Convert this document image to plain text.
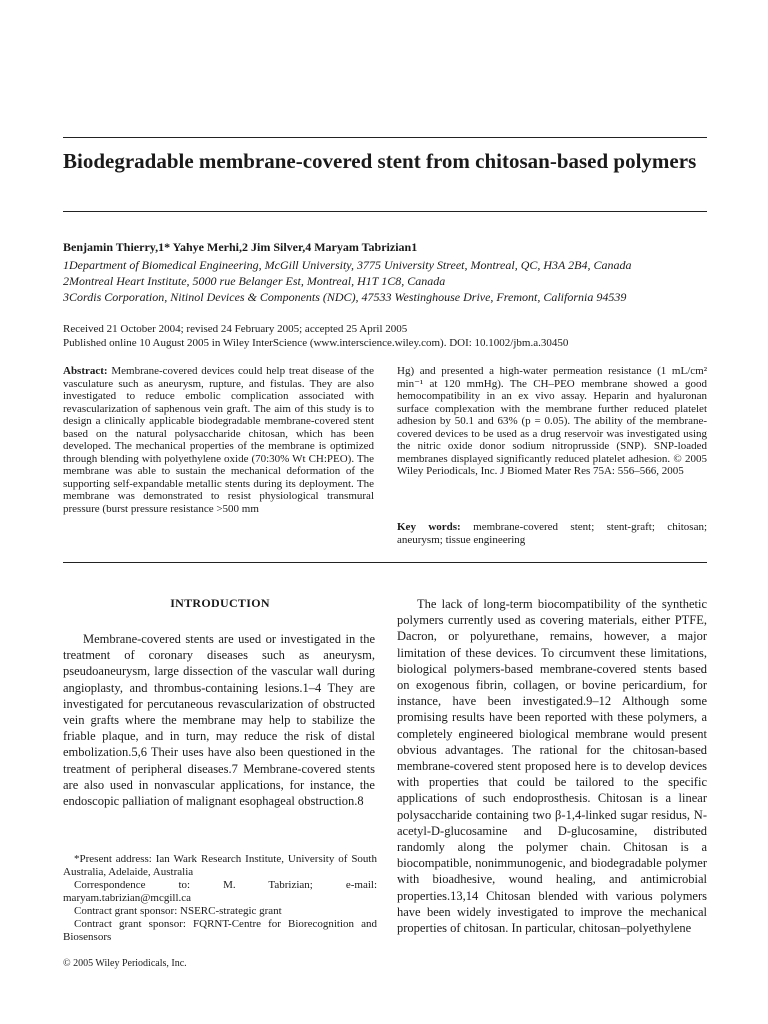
Biodegradable membrane-covered stent from chitosan-based polymers
Benjamin Thierry,1* Yahye Merhi,2 Jim Silver,4 Maryam Tabrizian1
1Department of Biomedical Engineering, McGill University, 3775 University Street, Montreal, QC, H3A 2B4, Canada
2Montreal Heart Institute, 5000 rue Belanger Est, Montreal, H1T 1C8, Canada
3Cordis Corporation, Nitinol Devices & Components (NDC), 47533 Westinghouse Drive, Fremont, California 94539
Received 21 October 2004; revised 24 February 2005; accepted 25 April 2005
Published online 10 August 2005 in Wiley InterScience (www.interscience.wiley.com). DOI: 10.1002/jbm.a.30450
Abstract: Membrane-covered devices could help treat disease of the vasculature such as aneurysm, rupture, and fistulas. They are also investigated to reduce embolic complication associated with revascularization of saphenous vein graft. The aim of this study is to design a clinically applicable biodegradable membrane-covered stent based on the natural polysaccharide chitosan, which has been developed. The mechanical properties of the membrane is optimized through blending with polyethylene oxide (70:30% Wt CH:PEO). The membrane was able to sustain the mechanical deformation of the supporting self-expandable metallic stents during its deployment. The membrane was demonstrated to resist physiological transmural pressure (burst pressure resistance >500 mm
Hg) and presented a high-water permeation resistance (1 mL/cm² min⁻¹ at 120 mmHg). The CH–PEO membrane showed a good hemocompatibility in an ex vivo assay. Heparin and hyaluronan surface complexation with the membrane further reduced platelet adhesion by 50.1 and 63% (p = 0.05). The ability of the membrane-covered devices to be used as a drug reservoir was investigated using the nitric oxide donor sodium nitroprusside (SNP). SNP-loaded membranes displayed significantly reduced platelet adhesion. © 2005 Wiley Periodicals, Inc. J Biomed Mater Res 75A: 556–566, 2005
Key words: membrane-covered stent; stent-graft; chitosan; aneurysm; tissue engineering
INTRODUCTION

Membrane-covered stents are used or investigated in the treatment of coronary diseases such as aneurysm, pseudoaneurysm, large dissection of the vascular wall during angioplasty, and thrombus-containing lesions.1–4 They are investigated for percutaneous revascularization of obstructed vein grafts where the membrane may help to stabilize the friable plaque, and in turn, may reduce the risk of distal embolization.5,6 Their uses have also been questioned in the treatment of peripheral diseases.7 Membrane-covered stents are also used in nonvascular applications, for instance, the endoscopic palliation of malignant esophageal obstruction.8

The lack of long-term biocompatibility of the synthetic polymers currently used as covering materials, either PTFE, Dacron, or polyurethane, remains, however, a major limitation of these devices. To circumvent these limitations, biological polymers-based membrane-covered stents based on exogenous fibrin, collagen, or bovine pericardium, for instance, have been investigated.9–12 Although some promising results have been reported with these polymers, a completely engineered biological membrane would present obvious advantages. The rational for the chitosan-based membrane-covered stent proposed here is to develop devices with properties that could be tailored to the specific applications of such endoprosthesis. Chitosan is a linear polysaccharide containing two β-1,4-linked sugar residus, N-acetyl-D-glucosamine and D-glucosamine, distributed randomly along the polymer chain. Chitosan is a biocompatible, nonimmunogenic, and biodegradable polymer with bioadhesive, wound healing, and antimicrobial properties.13,14 Chitosan blended with various polymers have been widely investigated to improve the mechanical properties of chitosan. In particular, chitosan–polyethylene

*Present address: Ian Wark Research Institute, University of South Australia, Adelaide, Australia

Correspondence to: M. Tabrizian; e-mail: maryam.tabrizian@mcgill.ca

Contract grant sponsor: NSERC-strategic grant

Contract grant sponsor: FQRNT-Centre for Biorecognition and Biosensors

© 2005 Wiley Periodicals, Inc.
